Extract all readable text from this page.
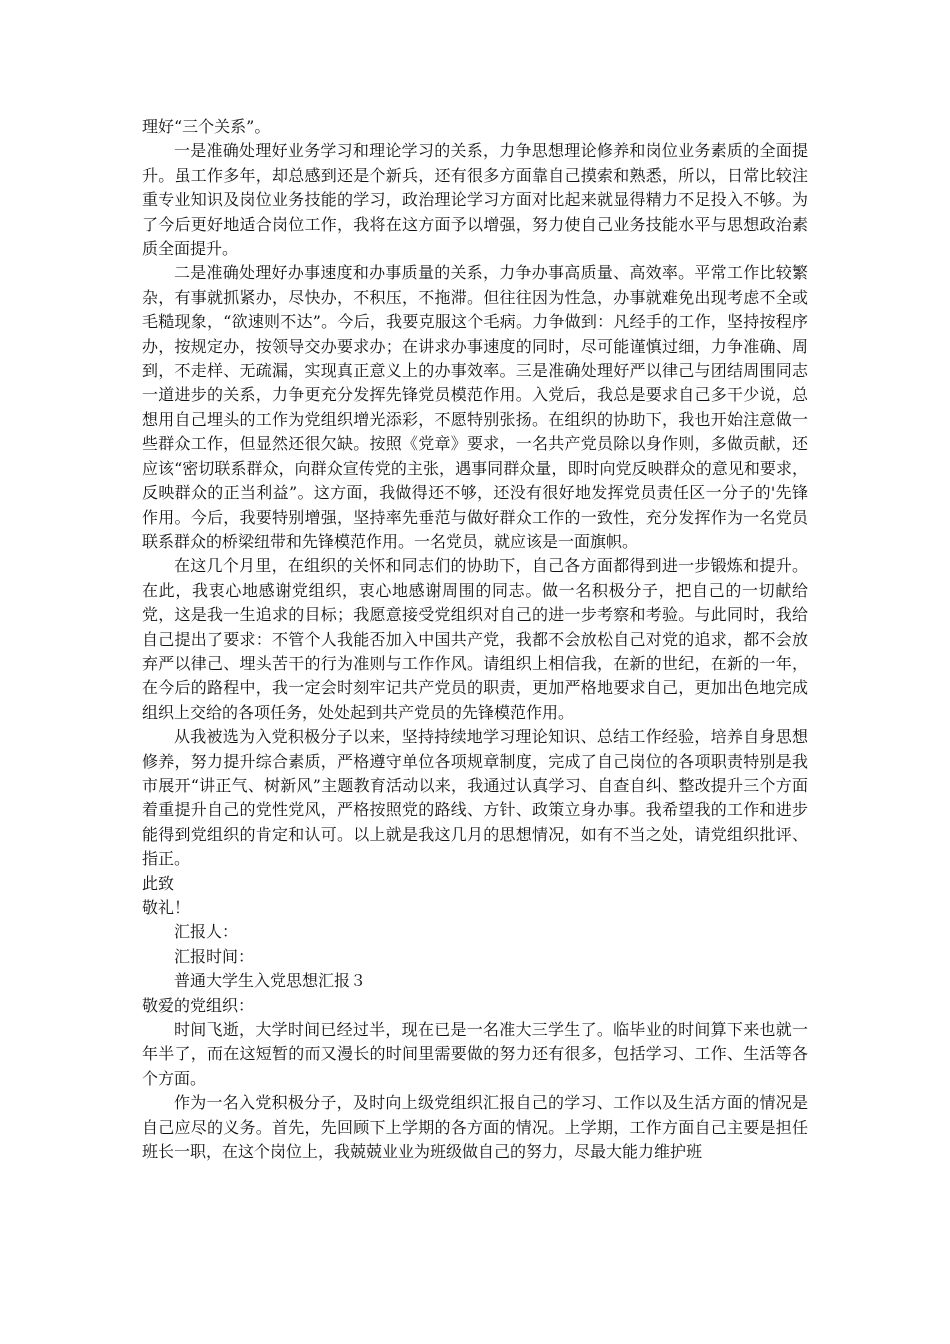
理好“三个关系”。

一是准确处理好业务学习和理论学习的关系，力争思想理论修养和岗位业务素质的全面提升。虽工作多年，却总感到还是个新兵，还有很多方面靠自己摸索和熟悉，所以，日常比较注重专业知识及岗位业务技能的学习，政治理论学习方面对比起来就显得精力不足投入不够。为了今后更好地适合岗位工作，我将在这方面予以增强，努力使自己业务技能水平与思想政治素质全面提升。

二是准确处理好办事速度和办事质量的关系，力争办事高质量、高效率。平常工作比较繁杂，有事就抓紧办，尽快办，不积压，不拖滞。但往往因为性急，办事就难免出现考虑不全或毛糙现象，“欲速则不达”。今后，我要克服这个毛病。力争做到：凡经手的工作，坚持按程序办，按规定办，按领导交办要求办；在讲求办事速度的同时，尽可能谨慎过细，力争准确、周到，不走样、无疏漏，实现真正意义上的办事效率。三是准确处理好严以律己与团结周围同志一道进步的关系，力争更充分发挥先锋党员模范作用。入党后，我总是要求自己多干少说，总想用自己埋头的工作为党组织增光添彩，不愿特别张扬。在组织的协助下，我也开始注意做一些群众工作，但显然还很欠缺。按照《党章》要求，一名共产党员除以身作则，多做贡献，还应该“密切联系群众，向群众宣传党的主张，遇事同群众量，即时向党反映群众的意见和要求，反映群众的正当利益”。这方面，我做得还不够，还没有很好地发挥党员责任区一分子的'先锋作用。今后，我要特别增强，坚持率先垂范与做好群众工作的一致性，充分发挥作为一名党员联系群众的桥梁纽带和先锋模范作用。一名党员，就应该是一面旗帜。

在这几个月里，在组织的关怀和同志们的协助下，自己各方面都得到进一步锻炼和提升。在此，我衷心地感谢党组织，衷心地感谢周围的同志。做一名积极分子，把自己的一切献给党，这是我一生追求的目标；我愿意接受党组织对自己的进一步考察和考验。与此同时，我给自己提出了要求：不管个人我能否加入中国共产党，我都不会放松自己对党的追求，都不会放弃严以律己、埋头苦干的行为准则与工作作风。请组织上相信我，在新的世纪，在新的一年，在今后的路程中，我一定会时刻牢记共产党员的职责，更加严格地要求自己，更加出色地完成组织上交给的各项任务，处处起到共产党员的先锋模范作用。

从我被选为入党积极分子以来，坚持持续地学习理论知识、总结工作经验，培养自身思想修养，努力提升综合素质，严格遵守单位各项规章制度，完成了自己岗位的各项职责特别是我市展开“讲正气、树新风”主题教育活动以来，我通过认真学习、自查自纠、整改提升三个方面着重提升自己的党性党风，严格按照党的路线、方针、政策立身办事。我希望我的工作和进步能得到党组织的肯定和认可。以上就是我这几月的思想情况，如有不当之处，请党组织批评、指正。

此致

敬礼！

汇报人：

汇报时间：

普通大学生入党思想汇报３

敬爱的党组织：

时间飞逝，大学时间已经过半，现在已是一名准大三学生了。临毕业的时间算下来也就一年半了，而在这短暂的而又漫长的时间里需要做的努力还有很多，包括学习、工作、生活等各个方面。

作为一名入党积极分子，及时向上级党组织汇报自己的学习、工作以及生活方面的情况是自己应尽的义务。首先，先回顾下上学期的各方面的情况。上学期，工作方面自己主要是担任班长一职，在这个岗位上，我兢兢业业为班级做自己的努力，尽最大能力维护班
